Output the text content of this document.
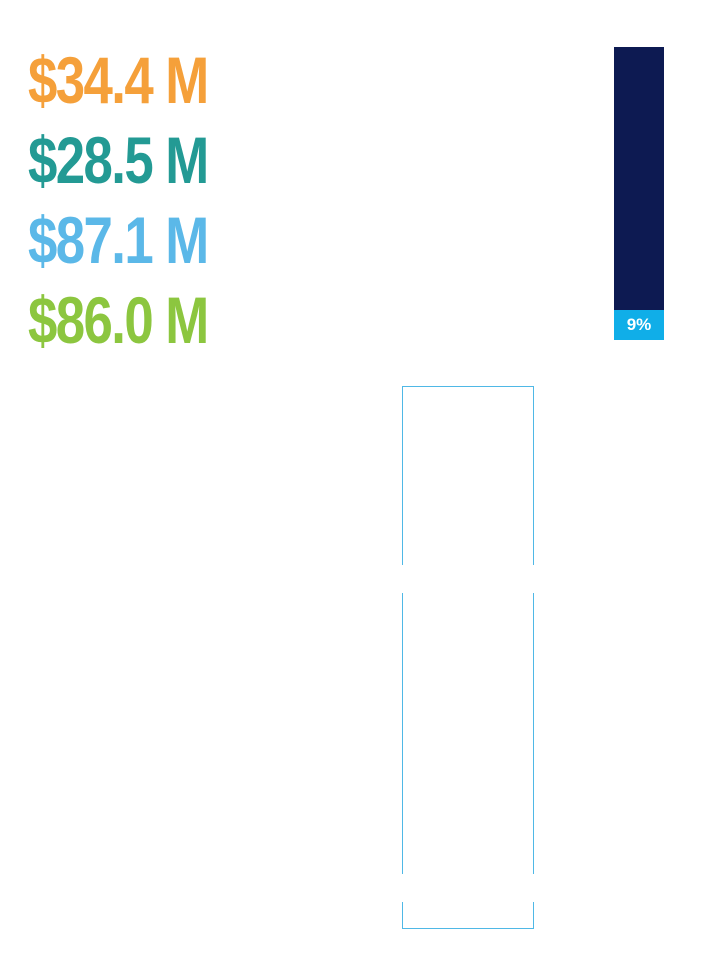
$34.4 M
$28.5 M
$87.1 M
$86.0 M	9%
